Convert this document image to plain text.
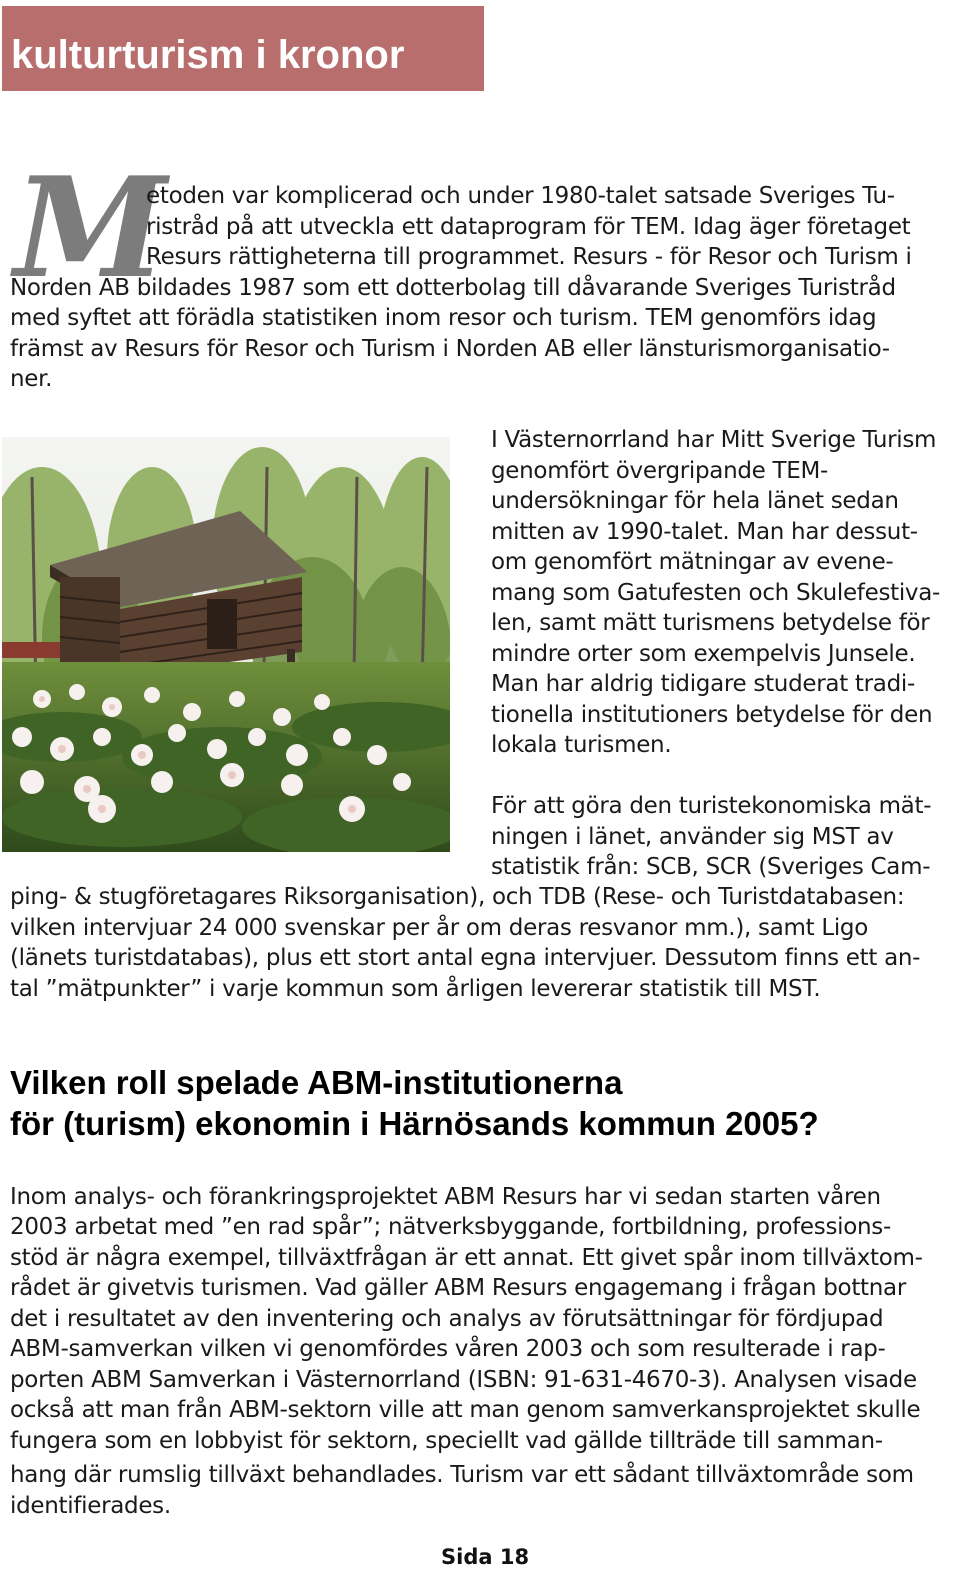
kulturturism i kronor
M

etoden var komplicerad och under 1980-talet satsade Sveriges Tu-

ristråd på att utveckla ett dataprogram för TEM. Idag äger företaget

Resurs rättigheterna till programmet. Resurs - för Resor och Turism i

Norden AB bildades 1987 som ett dotterbolag till dåvarande Sveriges Turistråd

med syftet att förädla statistiken inom resor och turism. TEM genomförs idag

främst av Resurs för Resor och Turism i Norden AB eller länsturismorganisatio-

ner.

I Västernorrland har Mitt Sverige Turism

genomfört övergripande TEM-

undersökningar för hela länet sedan

mitten av 1990-talet. Man har dessut-

om genomfört mätningar av evene-

mang som Gatufesten och Skulefestiva-

len, samt mätt turismens betydelse för

mindre orter som exempelvis Junsele.

Man har aldrig tidigare studerat tradi-

tionella institutioners betydelse för den

lokala turismen.

För att göra den turistekonomiska mät-

ningen i länet, använder sig MST av

statistik från: SCB, SCR (Sveriges Cam-

ping- & stugföretagares Riksorganisation), och TDB (Rese- och Turistdatabasen:

vilken intervjuar 24 000 svenskar per år om deras resvanor mm.), samt Ligo

(länets turistdatabas), plus ett stort antal egna intervjuer. Dessutom finns ett an-

tal ”mätpunkter” i varje kommun som årligen levererar statistik till MST.

Vilken roll spelade ABM-institutionerna
för (turism) ekonomin i Härnösands kommun 2005?

Inom analys- och förankringsprojektet ABM Resurs har vi sedan starten våren

2003 arbetat med ”en rad spår”; nätverksbyggande, fortbildning, professions-

stöd är några exempel, tillväxtfrågan är ett annat. Ett givet spår inom tillväxtom-

rådet är givetvis turismen. Vad gäller ABM Resurs engagemang i frågan bottnar

det i resultatet av den inventering och analys av förutsättningar för fördjupad

ABM-samverkan vilken vi genomfördes våren 2003 och som resulterade i rap-

porten ABM Samverkan i Västernorrland (ISBN: 91-631-4670-3). Analysen visade

också att man från ABM-sektorn ville att man genom samverkansprojektet skulle

fungera som en lobbyist för sektorn, speciellt vad gällde tillträde till samman-

hang där rumslig tillväxt behandlades. Turism var ett sådant tillväxtområde som

identifierades.

Sida 18
